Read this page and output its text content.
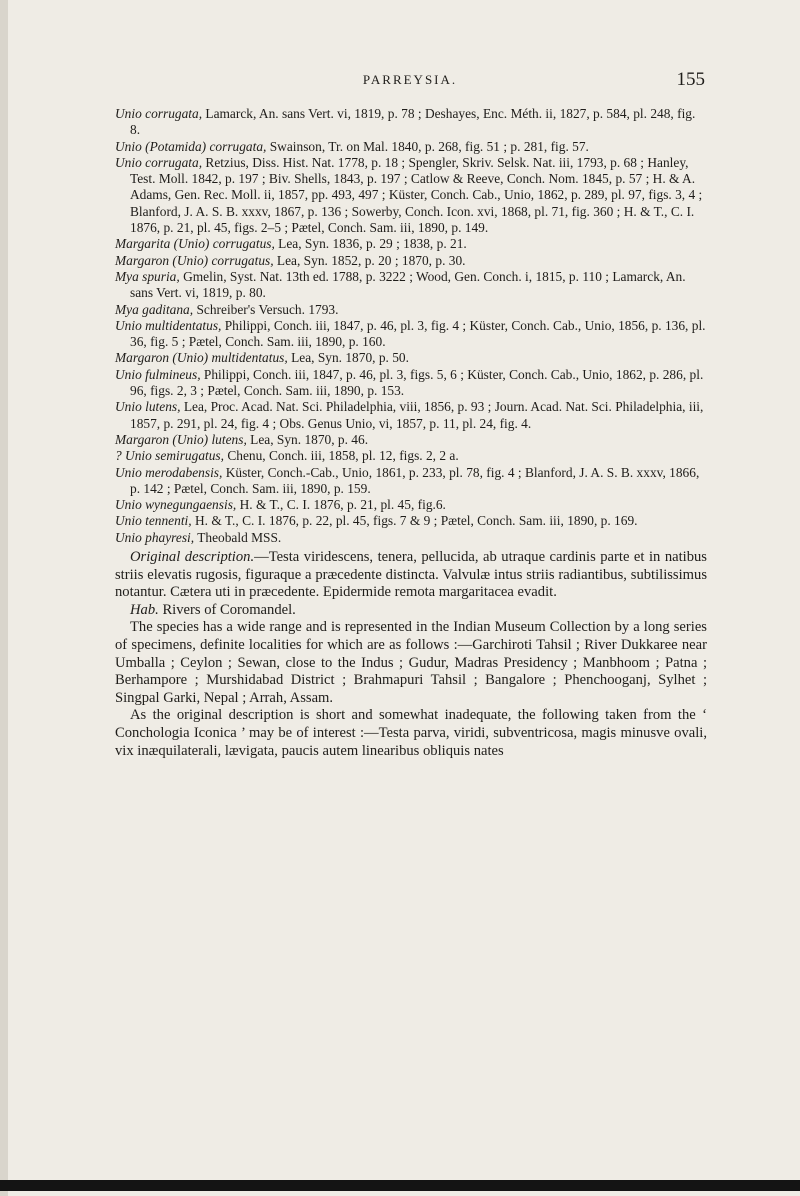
PARREYSIA.	155

Unio corrugata, Lamarck, An. sans Vert. vi, 1819, p. 78 ; Deshayes, Enc. Méth. ii, 1827, p. 584, pl. 248, fig. 8.

Unio (Potamida) corrugata, Swainson, Tr. on Mal. 1840, p. 268, fig. 51 ; p. 281, fig. 57.

Unio corrugata, Retzius, Diss. Hist. Nat. 1778, p. 18 ; Spengler, Skriv. Selsk. Nat. iii, 1793, p. 68 ; Hanley, Test. Moll. 1842, p. 197 ; Biv. Shells, 1843, p. 197 ; Catlow & Reeve, Conch. Nom. 1845, p. 57 ; H. & A. Adams, Gen. Rec. Moll. ii, 1857, pp. 493, 497 ; Küster, Conch. Cab., Unio, 1862, p. 289, pl. 97, figs. 3, 4 ; Blanford, J. A. S. B. xxxv, 1867, p. 136 ; Sowerby, Conch. Icon. xvi, 1868, pl. 71, fig. 360 ; H. & T., C. I. 1876, p. 21, pl. 45, figs. 2–5 ; Pætel, Conch. Sam. iii, 1890, p. 149.

Margarita (Unio) corrugatus, Lea, Syn. 1836, p. 29 ; 1838, p. 21.

Margaron (Unio) corrugatus, Lea, Syn. 1852, p. 20 ; 1870, p. 30.

Mya spuria, Gmelin, Syst. Nat. 13th ed. 1788, p. 3222 ; Wood, Gen. Conch. i, 1815, p. 110 ; Lamarck, An. sans Vert. vi, 1819, p. 80.

Mya gaditana, Schreiber's Versuch. 1793.

Unio multidentatus, Philippi, Conch. iii, 1847, p. 46, pl. 3, fig. 4 ; Küster, Conch. Cab., Unio, 1856, p. 136, pl. 36, fig. 5 ; Pætel, Conch. Sam. iii, 1890, p. 160.

Margaron (Unio) multidentatus, Lea, Syn. 1870, p. 50.

Unio fulmineus, Philippi, Conch. iii, 1847, p. 46, pl. 3, figs. 5, 6 ; Küster, Conch. Cab., Unio, 1862, p. 286, pl. 96, figs. 2, 3 ; Pætel, Conch. Sam. iii, 1890, p. 153.

Unio lutens, Lea, Proc. Acad. Nat. Sci. Philadelphia, viii, 1856, p. 93 ; Journ. Acad. Nat. Sci. Philadelphia, iii, 1857, p. 291, pl. 24, fig. 4 ; Obs. Genus Unio, vi, 1857, p. 11, pl. 24, fig. 4.

Margaron (Unio) lutens, Lea, Syn. 1870, p. 46.

? Unio semirugatus, Chenu, Conch. iii, 1858, pl. 12, figs. 2, 2 a.

Unio merodabensis, Küster, Conch.-Cab., Unio, 1861, p. 233, pl. 78, fig. 4 ; Blanford, J. A. S. B. xxxv, 1866, p. 142 ; Pætel, Conch. Sam. iii, 1890, p. 159.

Unio wynegungaensis, H. & T., C. I. 1876, p. 21, pl. 45, fig.6.

Unio tennenti, H. & T., C. I. 1876, p. 22, pl. 45, figs. 7 & 9 ; Pætel, Conch. Sam. iii, 1890, p. 169.

Unio phayresi, Theobald MSS.

Original description.—Testa viridescens, tenera, pellucida, ab utraque cardinis parte et in natibus striis elevatis rugosis, figuraque a præcedente distincta. Valvulæ intus striis radiantibus, subtilissimus notantur. Cætera uti in præcedente. Epidermide remota margaritacea evadit.

Hab. Rivers of Coromandel.

The species has a wide range and is represented in the Indian Museum Collection by a long series of specimens, definite localities for which are as follows :—Garchiroti Tahsil ; River Dukkaree near Umballa ; Ceylon ; Sewan, close to the Indus ; Gudur, Madras Presidency ; Manbhoom ; Patna ; Berhampore ; Murshidabad District ; Brahmapuri Tahsil ; Bangalore ; Phenchooganj, Sylhet ; Singpal Garki, Nepal ; Arrah, Assam.

As the original description is short and somewhat inadequate, the following taken from the ‘ Conchologia Iconica ’ may be of interest :—Testa parva, viridi, subventricosa, magis minusve ovali, vix inæquilaterali, lævigata, paucis autem linearibus obliquis nates
